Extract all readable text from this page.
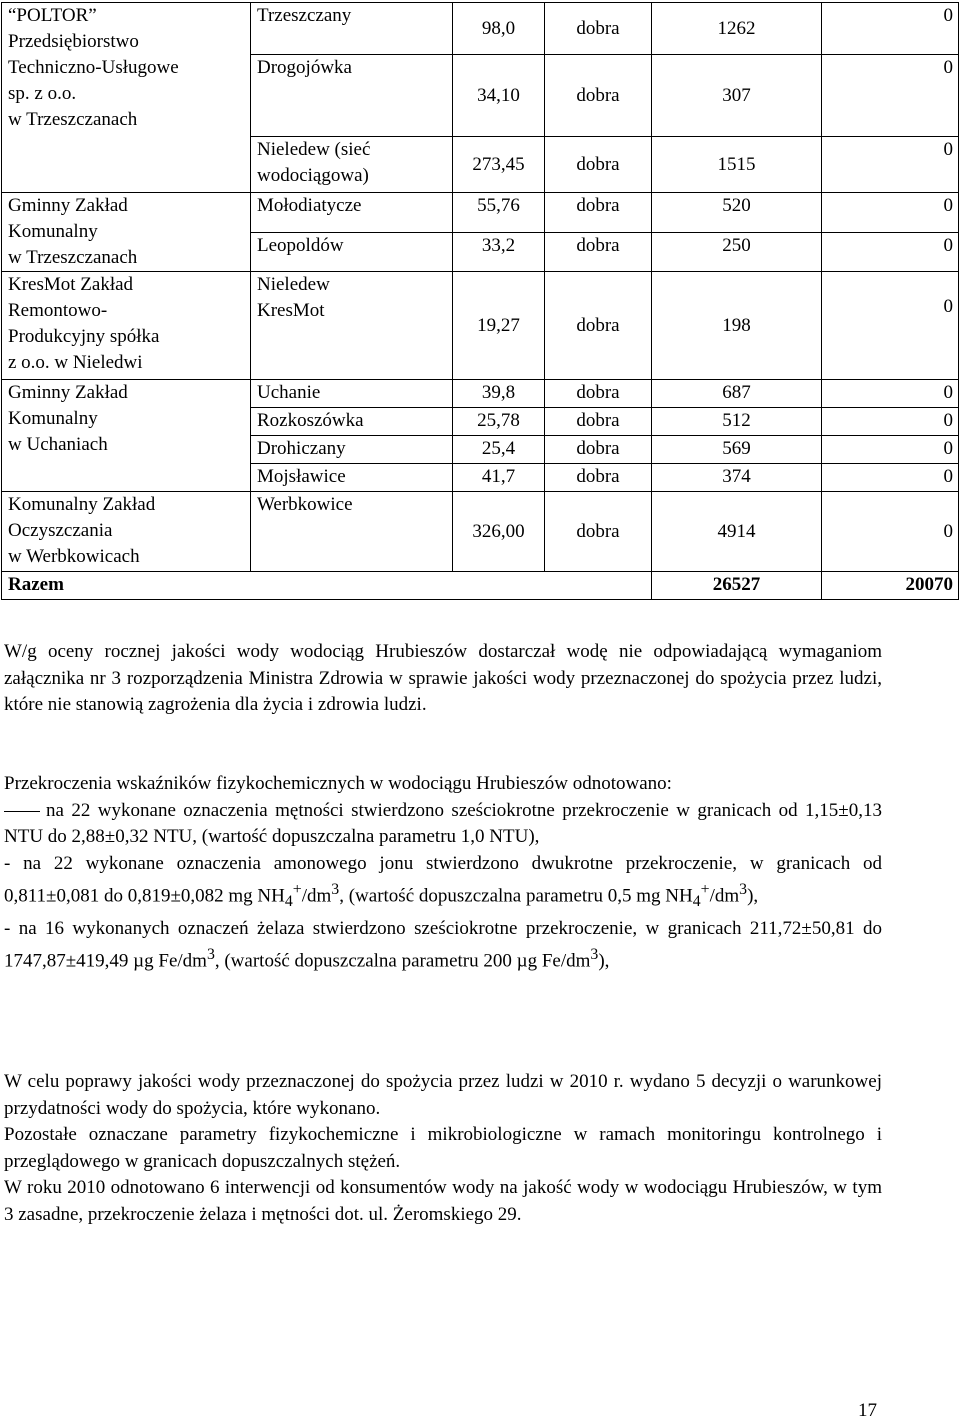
“POLTOR”
Przedsiębiorstwo
Techniczno-Usługowe
sp. z o.o.
w Trzeszczanach	Trzeszczany	98,0	dobra	1262	0
	Drogojówka	34,10	dobra	307	0
	Nieledew (sieć
wodociągowa)	273,45	dobra	1515	0
Gminny Zakład
Komunalny
w Trzeszczanach	Mołodiatycze	55,76	dobra	520	0
	Leopoldów	33,2	dobra	250	0
KresMot Zakład
Remontowo-
Produkcyjny spółka
z o.o. w Nieledwi	Nieledew
KresMot	19,27	dobra	198	0
Gminny Zakład
Komunalny
w Uchaniach	Uchanie	39,8	dobra	687	0
	Rozkoszówka	25,78	dobra	512	0
	Drohiczany	25,4	dobra	569	0
	Mojsławice	41,7	dobra	374	0
Komunalny Zakład
Oczyszczania
w Werbkowicach	Werbkowice	326,00	dobra	4914	0
Razem				26527	20070

W/g oceny rocznej jakości wody wodociąg Hrubieszów dostarczał wodę nie odpowiadającą wymaganiom załącznika nr 3 rozporządzenia Ministra Zdrowia w sprawie jakości wody przeznaczonej do spożycia przez ludzi, które nie stanowią zagrożenia dla życia i zdrowia ludzi.

Przekroczenia wskaźników fizykochemicznych w wodociągu Hrubieszów odnotowano:

na 22 wykonane oznaczenia mętności stwierdzono sześciokrotne przekroczenie w granicach od 1,15±0,13 NTU do 2,88±0,32 NTU, (wartość dopuszczalna parametru 1,0 NTU),

- na 22 wykonane oznaczenia amonowego jonu stwierdzono dwukrotne przekroczenie, w granicach od 0,811±0,081 do 0,819±0,082 mg $NH_4^+/dm^3$, (wartość dopuszczalna parametru 0,5 mg $NH_4^+/dm^3$),

- na 16 wykonanych oznaczeń żelaza stwierdzono sześciokrotne przekroczenie, w granicach 211,72±50,81 do 1747,87±419,49 µg $Fe/dm^3$, (wartość dopuszczalna parametru 200 µg $Fe/dm^3$),

W celu poprawy jakości wody przeznaczonej do spożycia przez ludzi w 2010 r. wydano 5 decyzji o warunkowej przydatności wody do spożycia, które wykonano.

Pozostałe oznaczane parametry fizykochemiczne i mikrobiologiczne w ramach monitoringu kontrolnego i przeglądowego w granicach dopuszczalnych stężeń.

W roku 2010 odnotowano 6 interwencji od konsumentów wody na jakość wody w wodociągu Hrubieszów, w tym 3 zasadne, przekroczenie żelaza i mętności dot. ul. Żeromskiego 29.

17
